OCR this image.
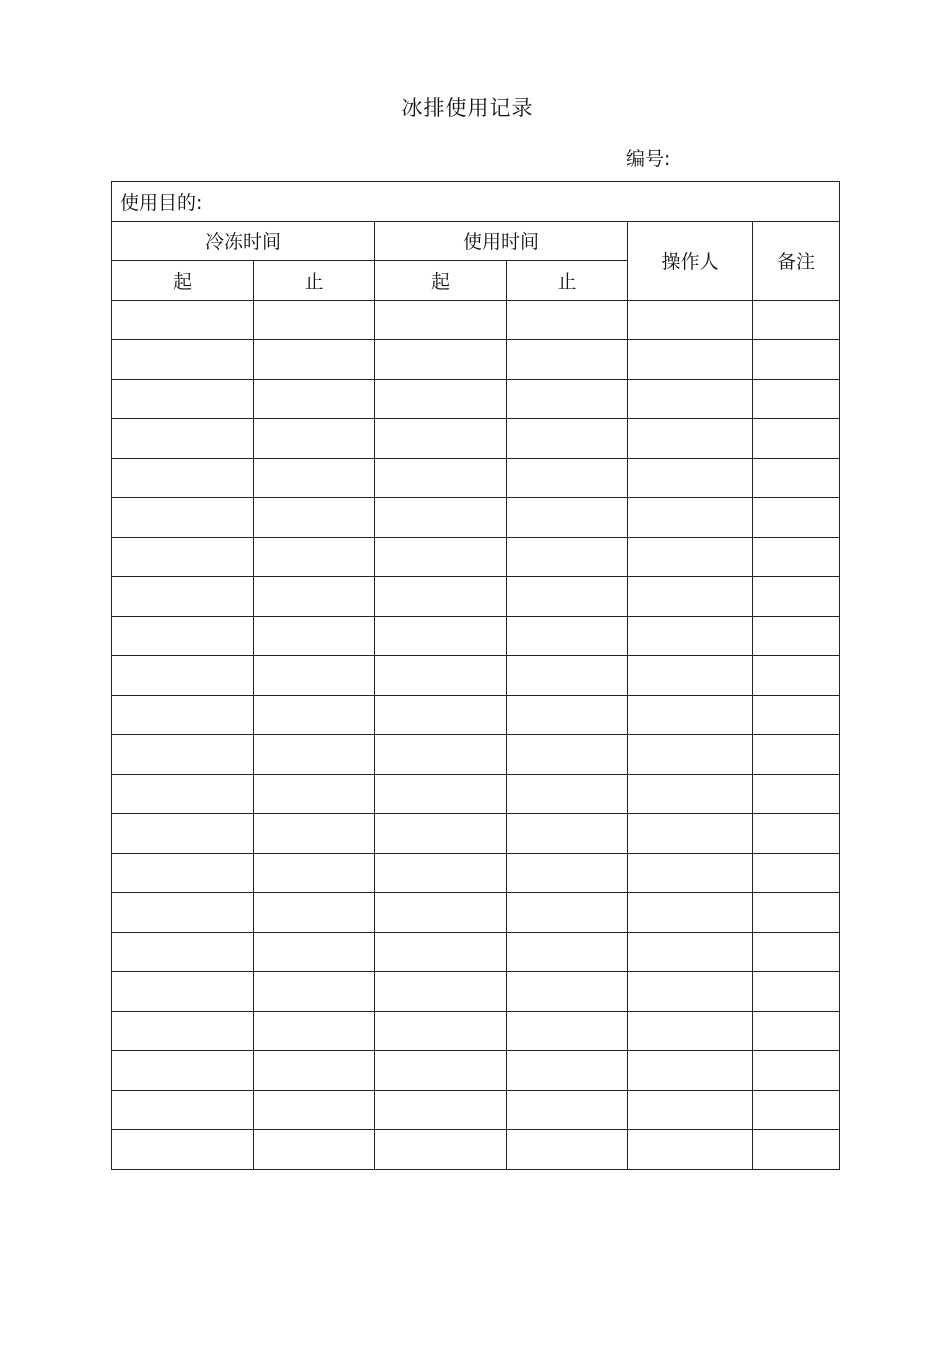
冰排使用记录
编号:
使用目的:					
冷冻时间		使用时间		操作人	备注
起	止	起	止		
